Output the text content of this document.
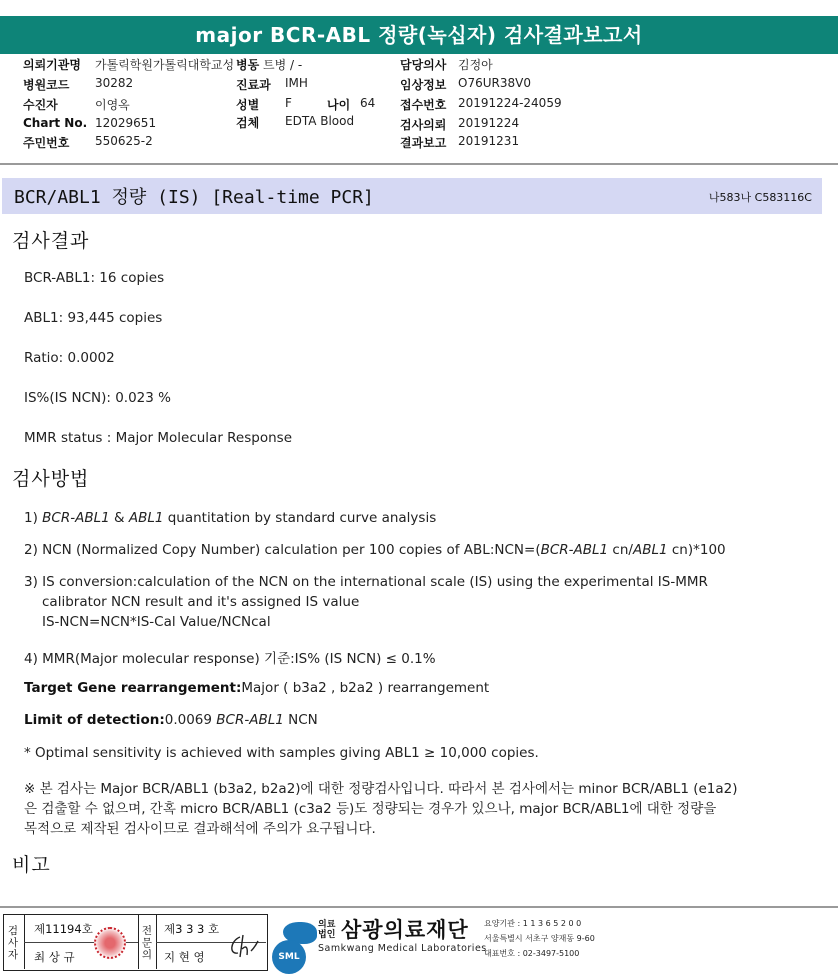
major BCR-ABL 정량(녹십자) 검사결과보고서
의뢰기관명 가톨릭학원가톨릭대학교성 병동 트병 / -	담당의사 김정아
병원코드 30282	진료과 IMH	임상정보 O76UR38V0
수진자	이영옥	성별 F	나이 64 접수번호 20191224-24059
Chart No. 12029651	검체 EDTA Blood	검사의뢰 20191224
주민번호 550625-2	결과보고 20191231
BCR/ABL1 정량 (IS) [Real-time PCR]	나583나 C583116C
검사결과
BCR-ABL1: 16 copies
ABL1: 93,445 copies
Ratio: 0.0002
IS%(IS NCN): 0.023 %
MMR status : Major Molecular Response
검사방법
1) BCR-ABL1 & ABL1 quantitation by standard curve analysis
2) NCN (Normalized Copy Number) calculation per 100 copies of ABL:NCN=(BCR-ABL1 cn/ABL1 cn)*100
3) IS conversion:calculation of the NCN on the international scale (IS) using the experimental IS-MMR
calibrator NCN result and it's assigned IS value
IS-NCN=NCN*IS-Cal Value/NCNcal
4) MMR(Major molecular response) 기준:IS% (IS NCN) ≤ 0.1%
Target Gene rearrangement:Major ( b3a2 , b2a2 ) rearrangement
Limit of detection:0.0069 BCR-ABL1 NCN
* Optimal sensitivity is achieved with samples giving ABL1 ≥ 10,000 copies.
※ 본 검사는 Major BCR/ABL1 (b3a2, b2a2)에 대한 정량검사입니다. 따라서 본 검사에서는 minor BCR/ABL1 (e1a2)
은 검출할 수 없으며, 간혹 micro BCR/ABL1 (c3a2 등)도 정량되는 경우가 있으나, major BCR/ABL1에 대한 정량을
목적으로 제작된 검사이므로 결과해석에 주의가 요구됩니다.
비고
검사자
제11194호
최 상 규
전문의
제3 3 3 호
지 현 영	SML
의료
법인 삼광의료재단
Samkwang Medical Laboratories
요양기관 : 1 1 3 6 5 2 0 0
서울특별시 서초구 양재동 9-60
대표번호 : 02-3497-5100
